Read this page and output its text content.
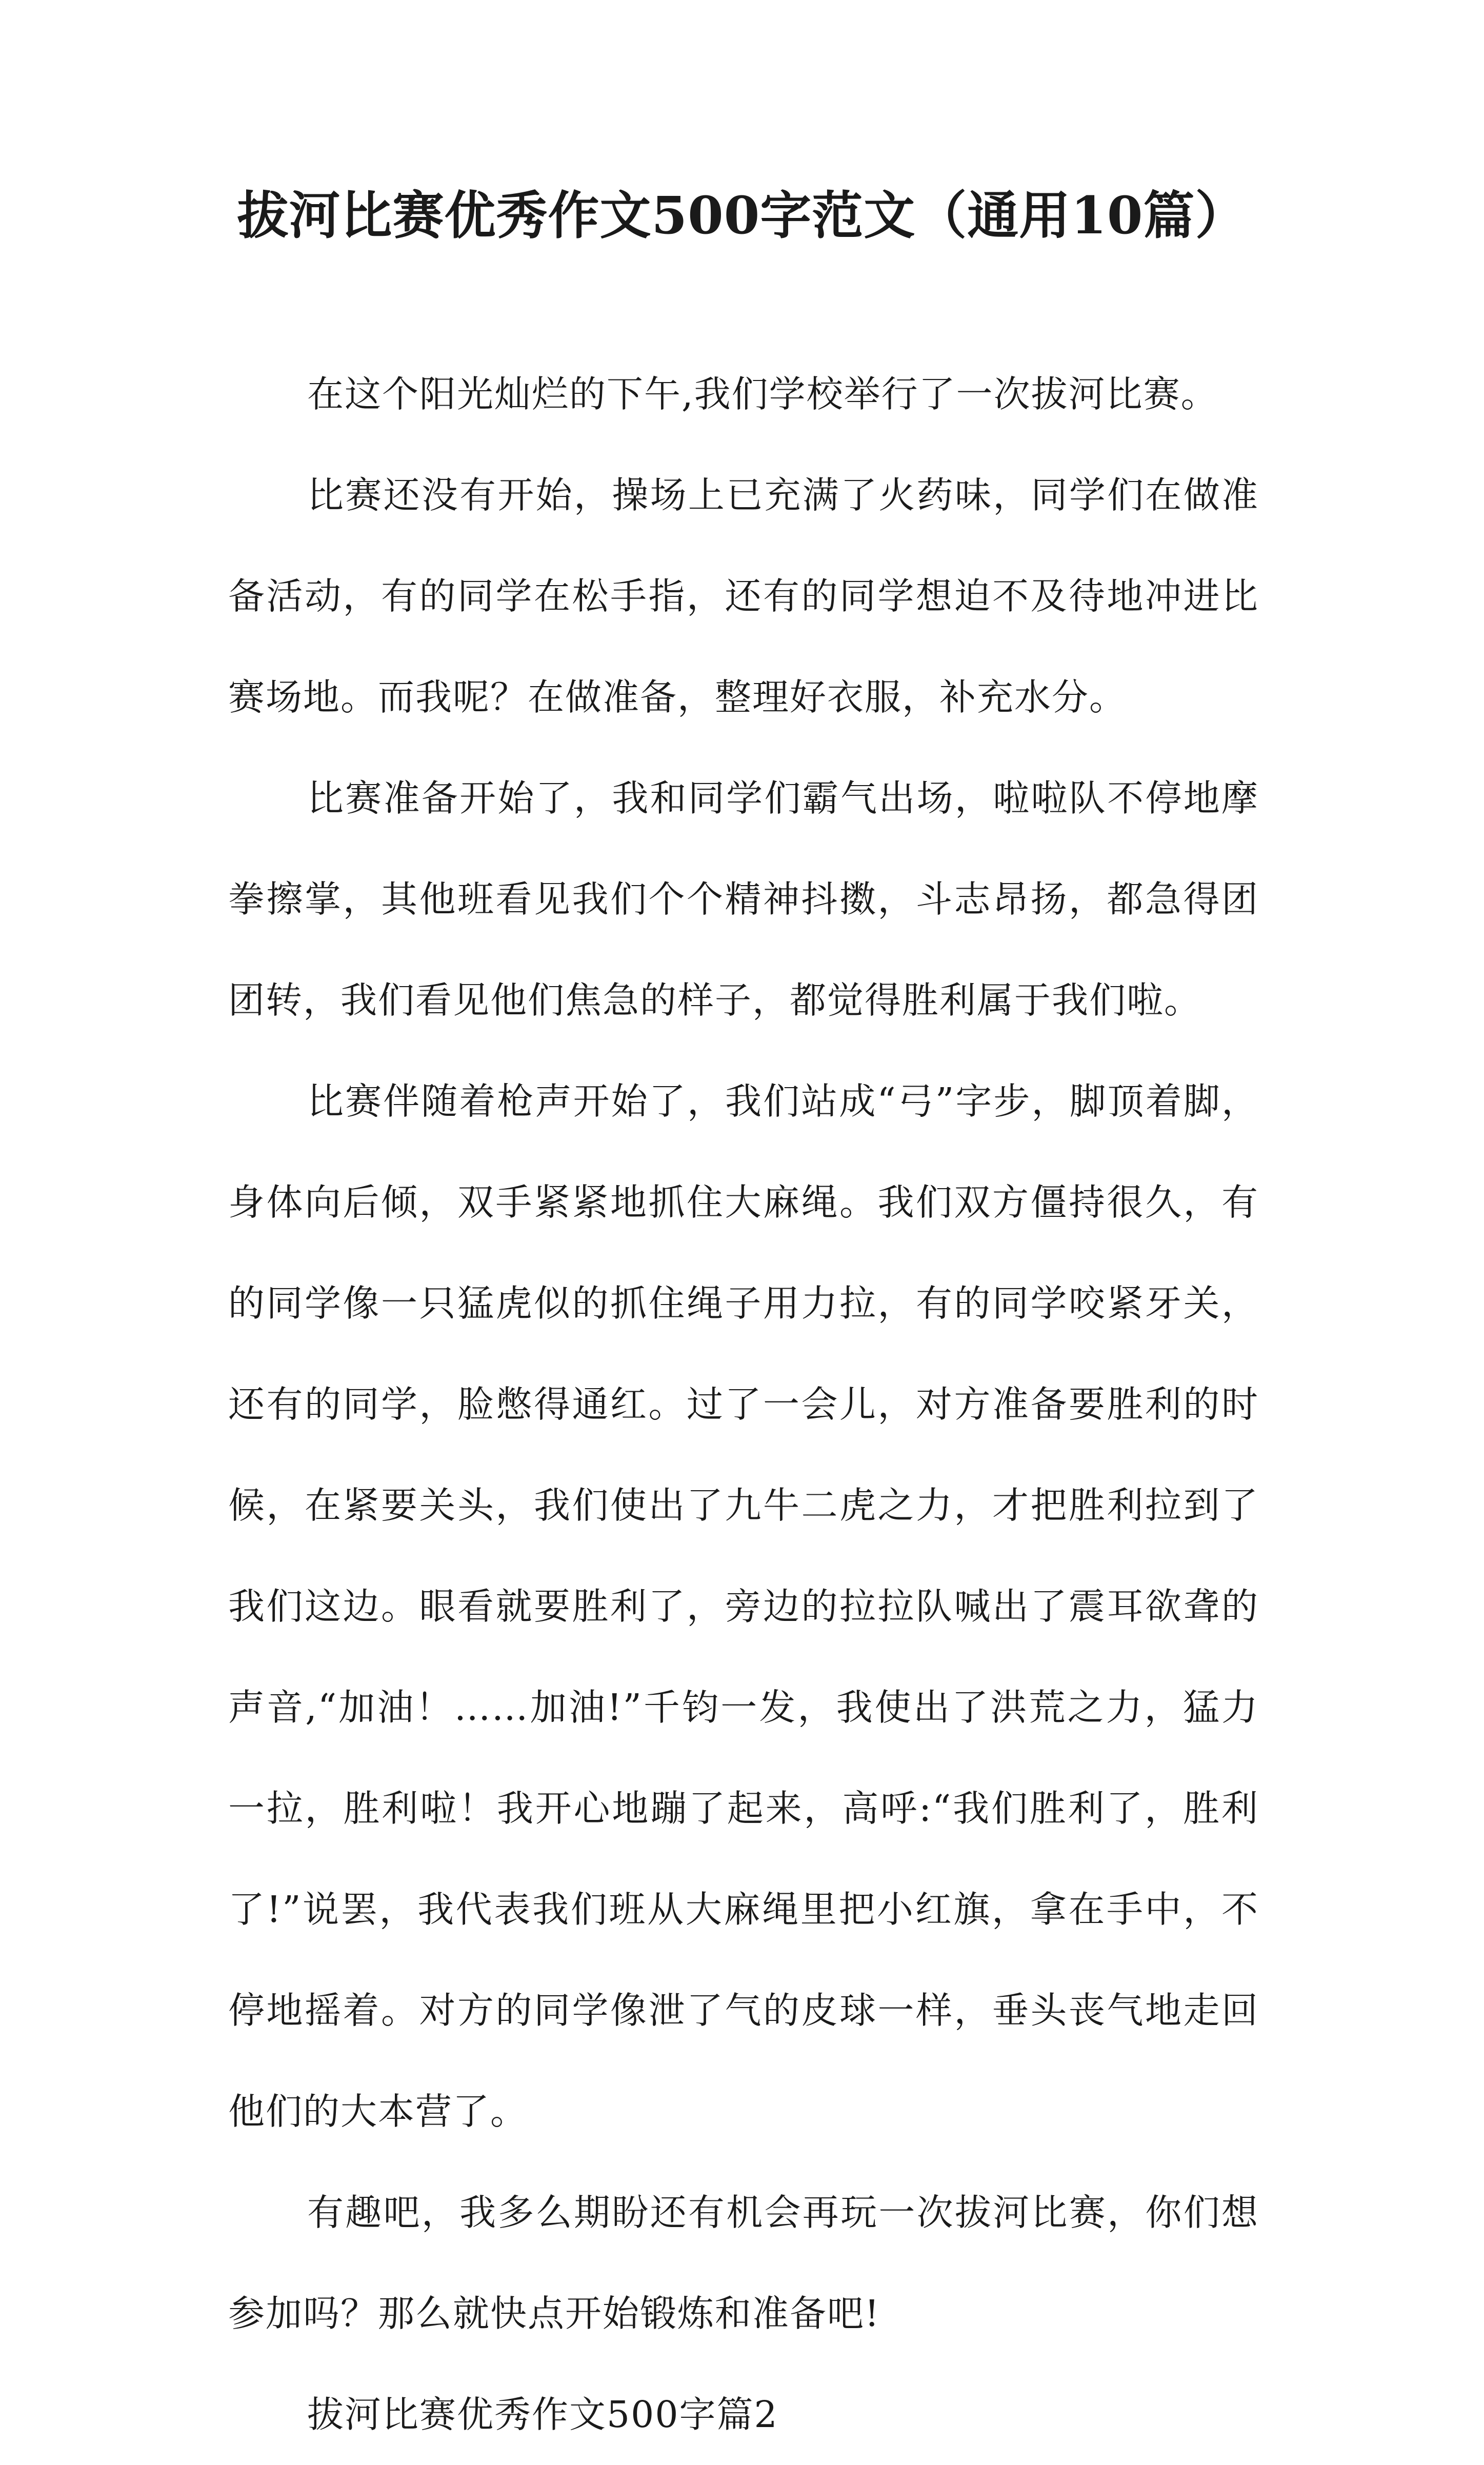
拔河比赛优秀作文500字范文（通用10篇）

在这个阳光灿烂的下午,我们学校举行了一次拔河比赛。

比赛还没有开始，操场上已充满了火药味，同学们在做准备活动，有的同学在松手指，还有的同学想迫不及待地冲进比赛场地。而我呢？在做准备，整理好衣服，补充水分。

比赛准备开始了，我和同学们霸气出场，啦啦队不停地摩拳擦掌，其他班看见我们个个精神抖擞，斗志昂扬，都急得团团转，我们看见他们焦急的样子，都觉得胜利属于我们啦。

比赛伴随着枪声开始了，我们站成“弓”字步，脚顶着脚，身体向后倾，双手紧紧地抓住大麻绳。我们双方僵持很久，有的同学像一只猛虎似的抓住绳子用力拉，有的同学咬紧牙关，还有的同学，脸憋得通红。过了一会儿，对方准备要胜利的时候，在紧要关头，我们使出了九牛二虎之力，才把胜利拉到了我们这边。眼看就要胜利了，旁边的拉拉队喊出了震耳欲聋的声音,“加油！……加油!”千钧一发，我使出了洪荒之力，猛力一拉，胜利啦！我开心地蹦了起来，高呼:“我们胜利了，胜利了!”说罢，我代表我们班从大麻绳里把小红旗，拿在手中，不停地摇着。对方的同学像泄了气的皮球一样，垂头丧气地走回他们的大本营了。

有趣吧，我多么期盼还有机会再玩一次拔河比赛，你们想参加吗？那么就快点开始锻炼和准备吧!

拔河比赛优秀作文500字篇2
